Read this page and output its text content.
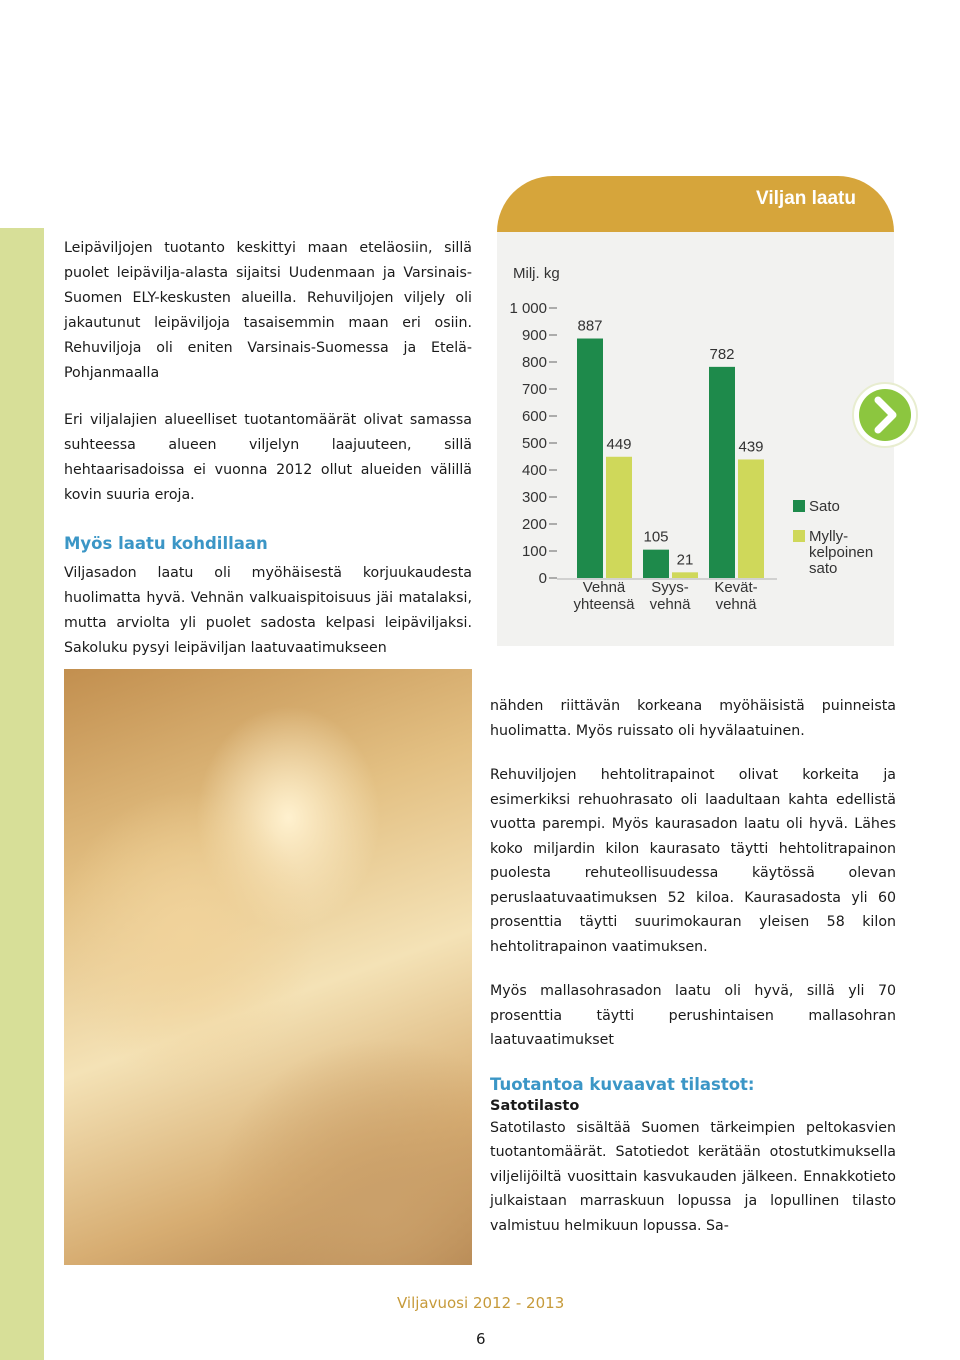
Leipäviljojen tuotanto keskittyi maan eteläosiin, sillä puolet leipävilja-alasta sijaitsi Uudenmaan ja Varsinais-Suomen ELY-keskusten alueilla. Rehuviljojen viljely oli jakautunut leipäviljoja tasaisemmin maan eri osiin. Rehuviljoja oli eniten Varsinais-Suomessa ja Etelä-Pohjanmaalla

Eri viljalajien alueelliset tuotantomäärät olivat samassa suhteessa alueen viljelyn laajuuteen, sillä hehtaarisadoissa ei vuonna 2012 ollut alueiden välillä kovin suuria eroja.

Myös laatu kohdillaan

Viljasadon laatu oli myöhäisestä korjuukaudesta huolimatta hyvä. Vehnän valkuaispitoisuus jäi matalaksi, mutta arviolta yli puolet sadosta kelpasi leipäviljaksi. Sakoluku pysyi leipäviljan laatuvaatimukseen

Viljan laatu
Milj. kg
0
100
200
300
400
500
600
700
800
900
1 000
887
449
Vehnä
yhteensä
105
21
Syys-
vehnä
782
439
Kevät-
vehnä
Sato
Mylly-
kelpoinen
sato

nähden riittävän korkeana myöhäisistä puinneista huolimatta. Myös ruissato oli hyvälaatuinen.

Rehuviljojen hehtolitrapainot olivat korkeita ja esimerkiksi rehuohrasato oli laadultaan kahta edellistä vuotta parempi. Myös kaurasadon laatu oli hyvä. Lähes koko miljardin kilon kaurasato täytti hehtolitrapainon puolesta rehuteollisuudessa käytössä olevan peruslaatuvaatimuksen 52 kiloa. Kaurasadosta yli 60 prosenttia täytti suurimokauran yleisen 58 kilon hehtolitrapainon vaatimuksen.

Myös mallasohrasadon laatu oli hyvä, sillä yli 70 prosenttia täytti perushintaisen mallasohran laatuvaatimukset

Tuotantoa kuvaavat tilastot:
Satotilasto

Satotilasto sisältää Suomen tärkeimpien peltokasvien tuotantomäärät. Satotiedot kerätään otostutkimuksella viljelijöiltä vuosittain kasvukauden jälkeen. Ennakkotieto julkaistaan marraskuun lopussa ja lopullinen tilasto valmistuu helmikuun lopussa. Sa-

Viljavuosi 2012 - 2013
6
